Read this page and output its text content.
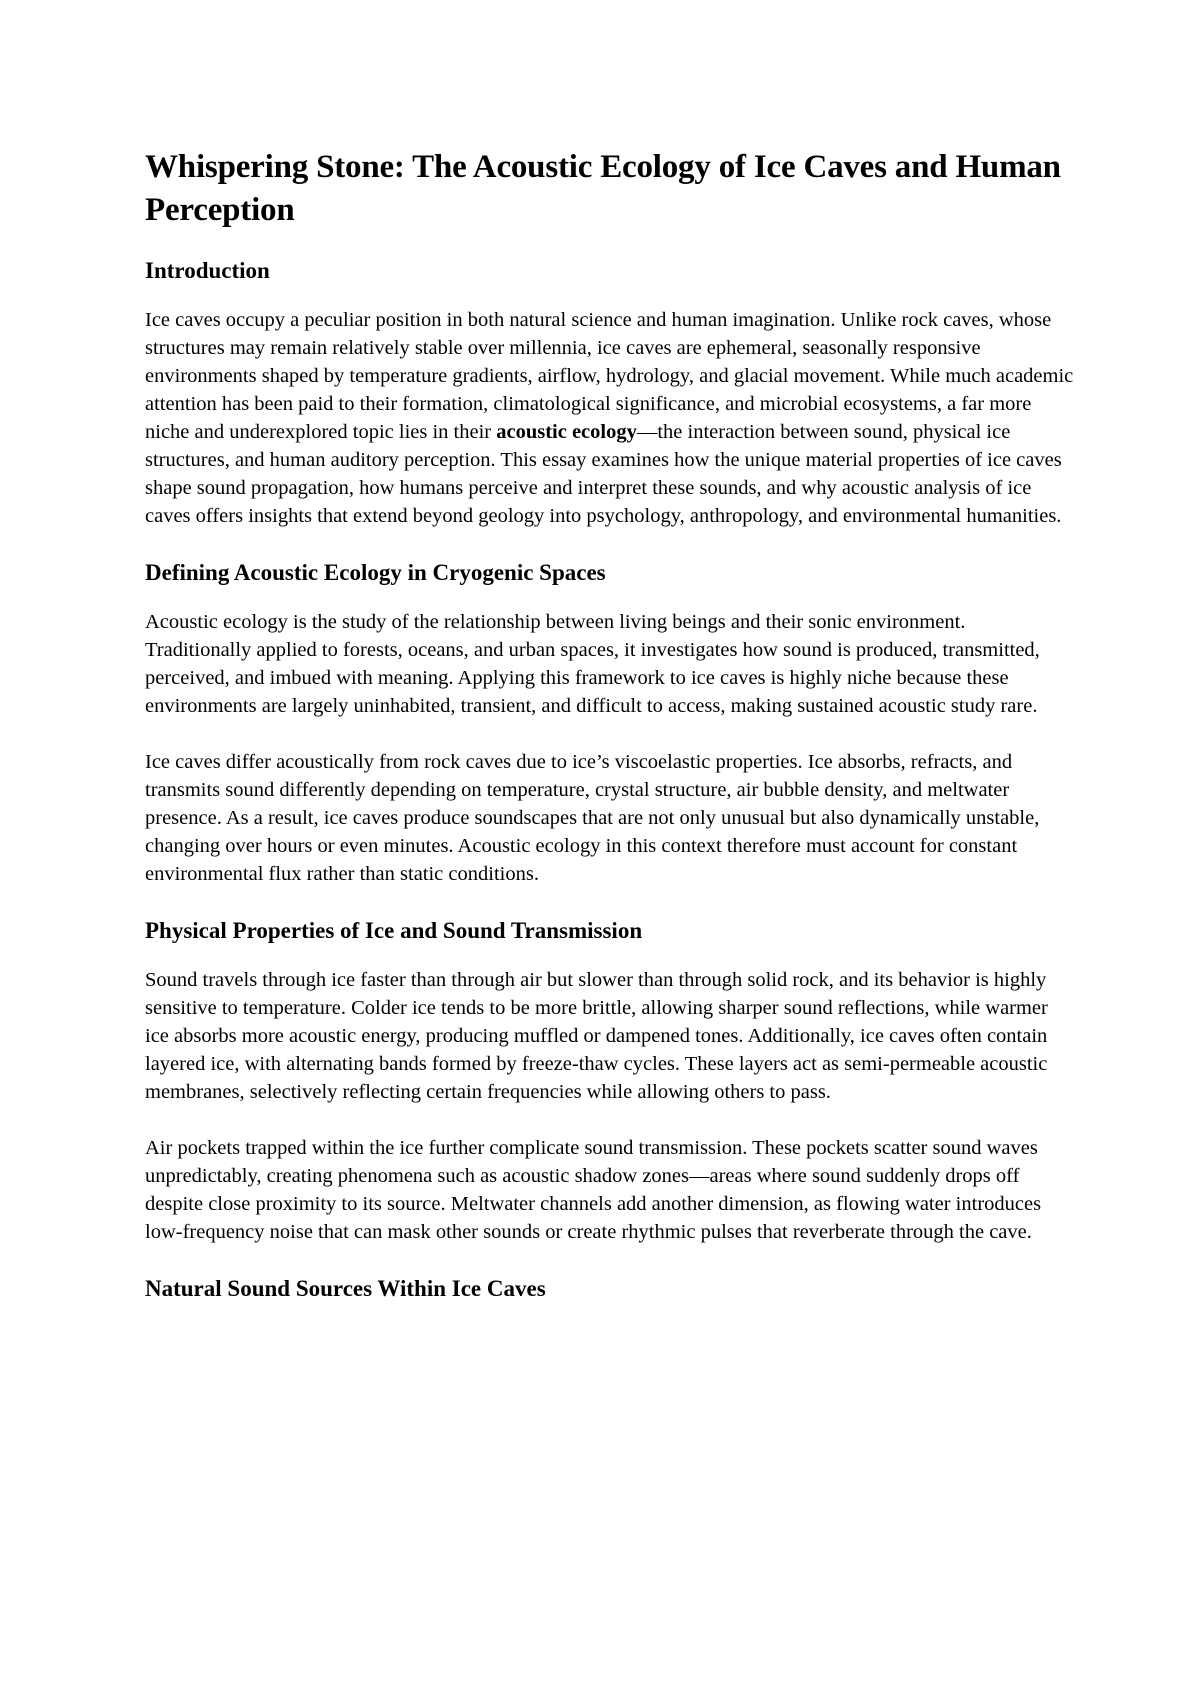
Whispering Stone: The Acoustic Ecology of Ice Caves and Human Perception
Introduction

Ice caves occupy a peculiar position in both natural science and human imagination. Unlike rock caves, whose structures may remain relatively stable over millennia, ice caves are ephemeral, seasonally responsive environments shaped by temperature gradients, airflow, hydrology, and glacial movement. While much academic attention has been paid to their formation, climatological significance, and microbial ecosystems, a far more niche and underexplored topic lies in their acoustic ecology—the interaction between sound, physical ice structures, and human auditory perception. This essay examines how the unique material properties of ice caves shape sound propagation, how humans perceive and interpret these sounds, and why acoustic analysis of ice caves offers insights that extend beyond geology into psychology, anthropology, and environmental humanities.

Defining Acoustic Ecology in Cryogenic Spaces

Acoustic ecology is the study of the relationship between living beings and their sonic environment. Traditionally applied to forests, oceans, and urban spaces, it investigates how sound is produced, transmitted, perceived, and imbued with meaning. Applying this framework to ice caves is highly niche because these environments are largely uninhabited, transient, and difficult to access, making sustained acoustic study rare.

Ice caves differ acoustically from rock caves due to ice’s viscoelastic properties. Ice absorbs, refracts, and transmits sound differently depending on temperature, crystal structure, air bubble density, and meltwater presence. As a result, ice caves produce soundscapes that are not only unusual but also dynamically unstable, changing over hours or even minutes. Acoustic ecology in this context therefore must account for constant environmental flux rather than static conditions.

Physical Properties of Ice and Sound Transmission

Sound travels through ice faster than through air but slower than through solid rock, and its behavior is highly sensitive to temperature. Colder ice tends to be more brittle, allowing sharper sound reflections, while warmer ice absorbs more acoustic energy, producing muffled or dampened tones. Additionally, ice caves often contain layered ice, with alternating bands formed by freeze-thaw cycles. These layers act as semi-permeable acoustic membranes, selectively reflecting certain frequencies while allowing others to pass.

Air pockets trapped within the ice further complicate sound transmission. These pockets scatter sound waves unpredictably, creating phenomena such as acoustic shadow zones—areas where sound suddenly drops off despite close proximity to its source. Meltwater channels add another dimension, as flowing water introduces low-frequency noise that can mask other sounds or create rhythmic pulses that reverberate through the cave.

Natural Sound Sources Within Ice Caves
